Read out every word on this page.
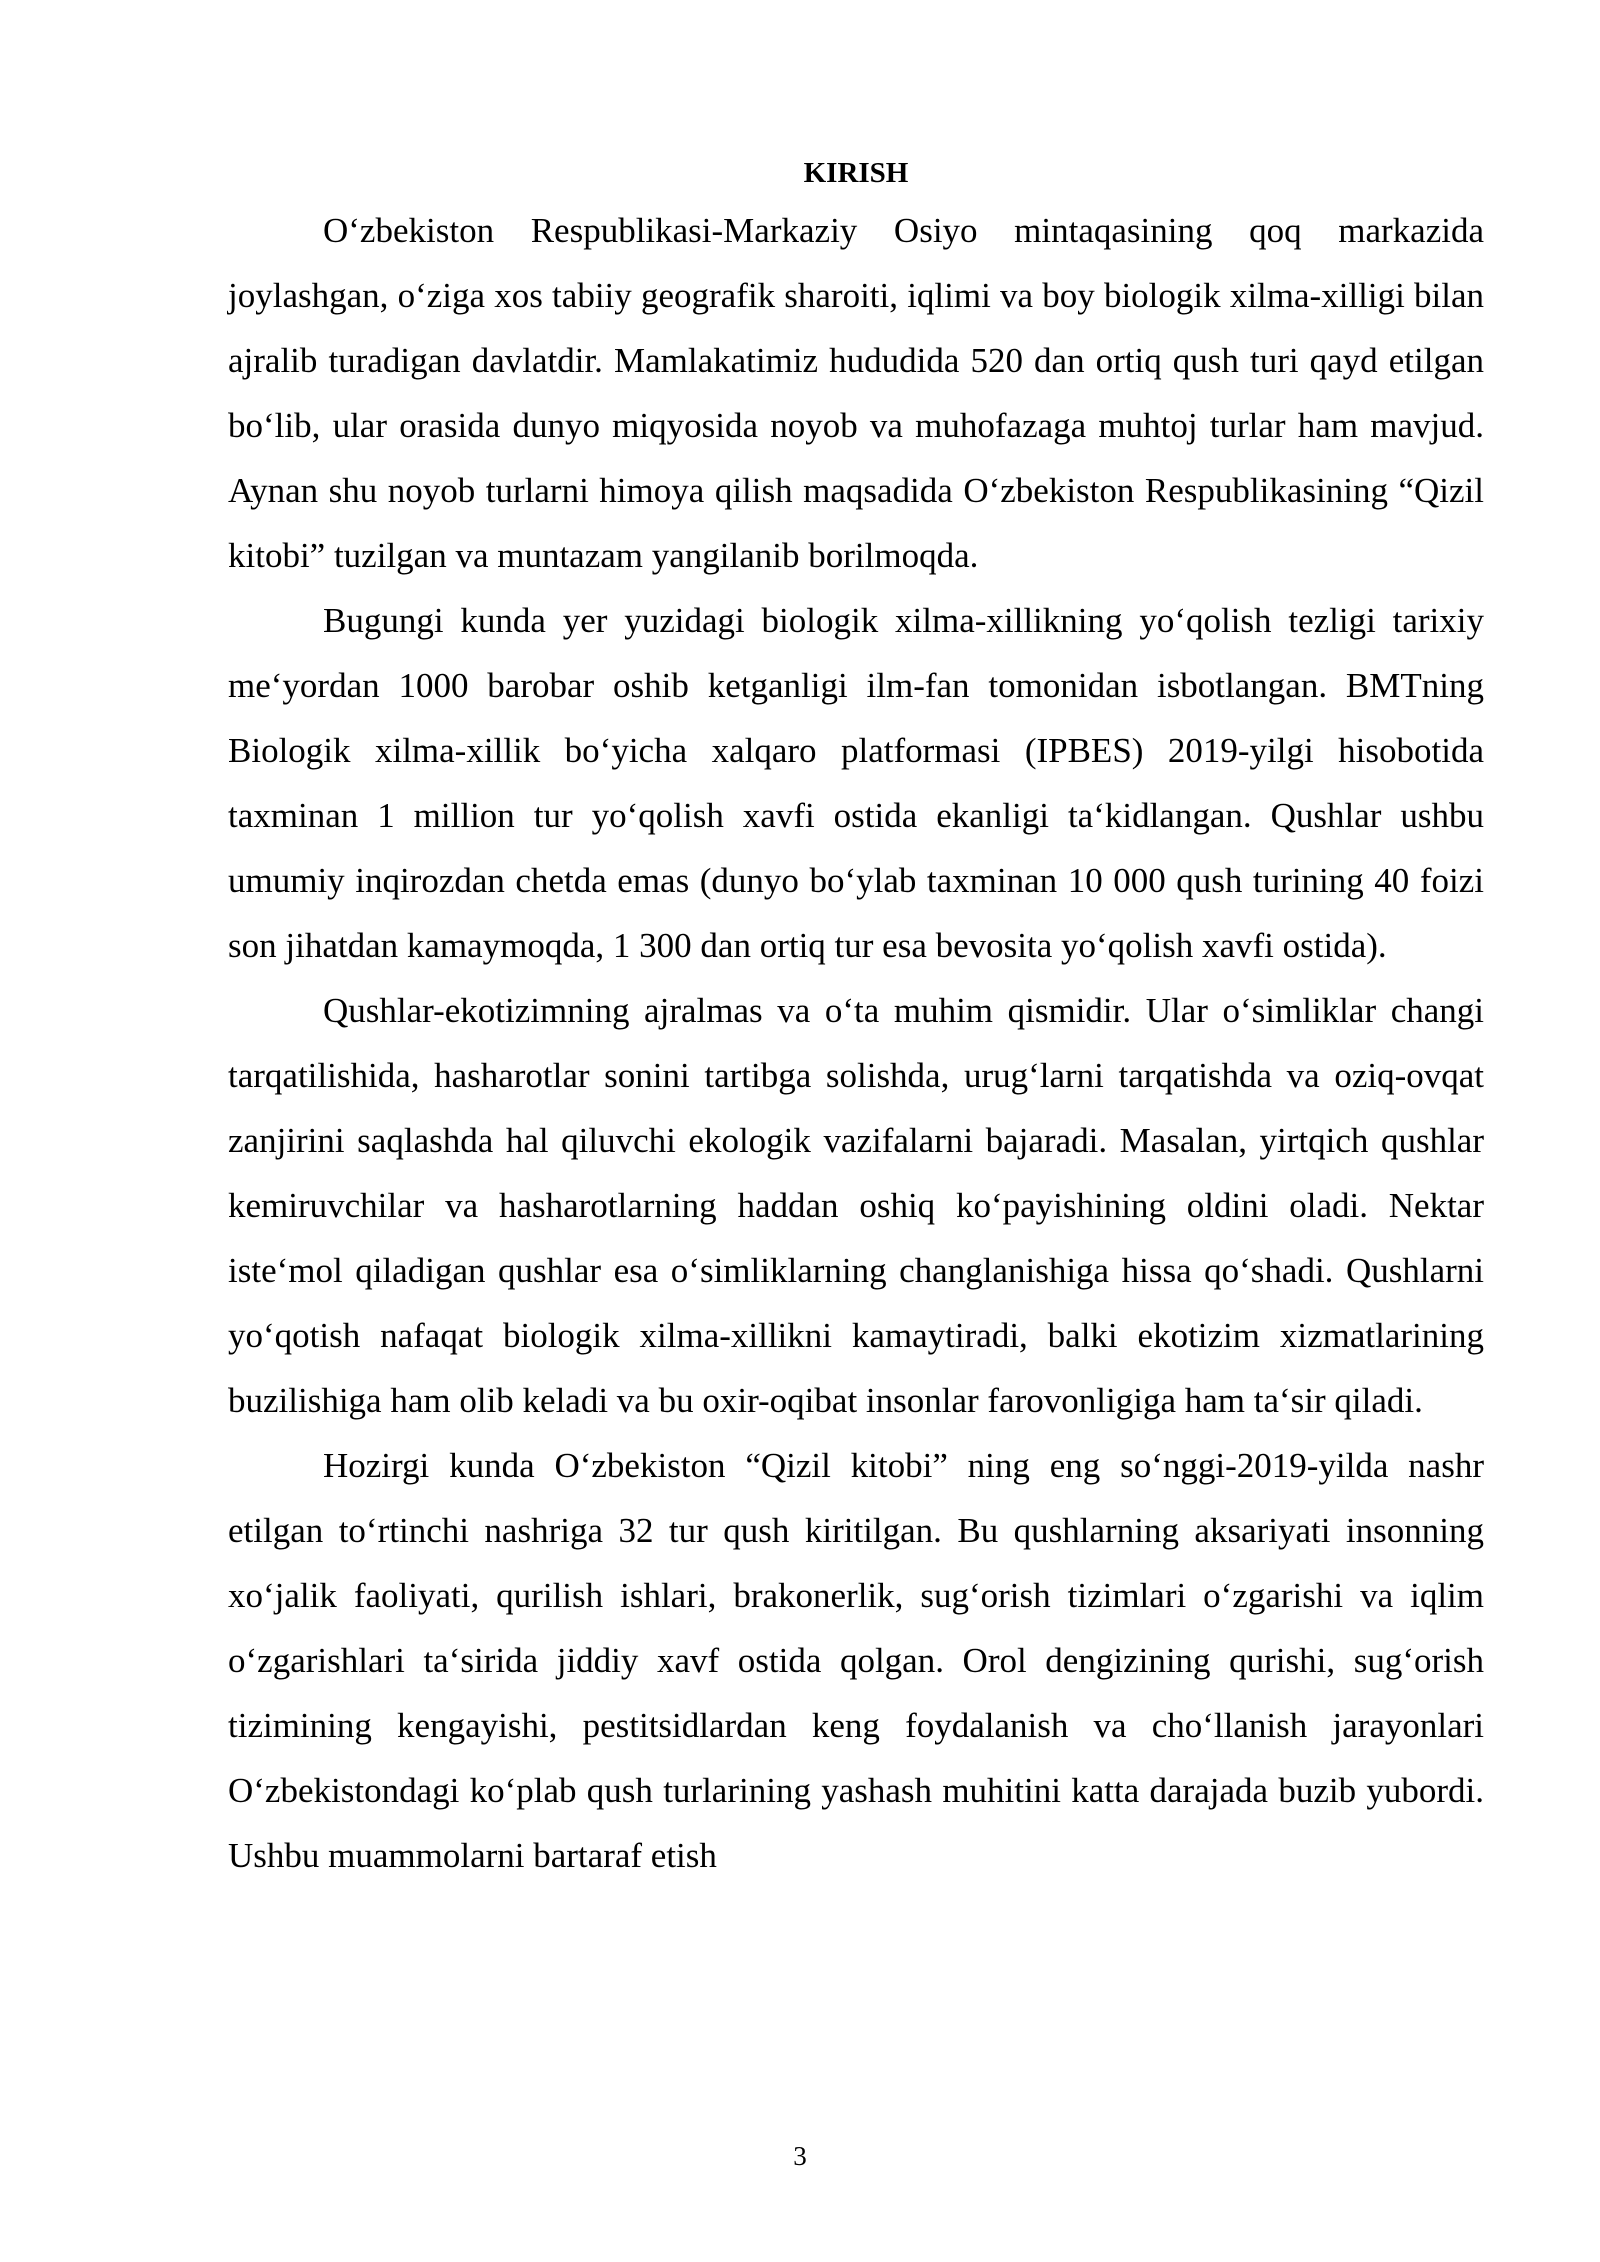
KIRISH

O‘zbekiston Respublikasi-Markaziy Osiyo mintaqasining qoq markazida joylashgan, o‘ziga xos tabiiy geografik sharoiti, iqlimi va boy biologik xilma-xilligi bilan ajralib turadigan davlatdir. Mamlakatimiz hududida 520 dan ortiq qush turi qayd etilgan bo‘lib, ular orasida dunyo miqyosida noyob va muhofazaga muhtoj turlar ham mavjud. Aynan shu noyob turlarni himoya qilish maqsadida O‘zbekiston Respublikasining “Qizil kitobi” tuzilgan va muntazam yangilanib borilmoqda.

Bugungi kunda yer yuzidagi biologik xilma-xillikning yo‘qolish tezligi tarixiy me‘yordan 1000 barobar oshib ketganligi ilm-fan tomonidan isbotlangan. BMTning Biologik xilma-xillik bo‘yicha xalqaro platformasi (IPBES) 2019-yilgi hisobotida taxminan 1 million tur yo‘qolish xavfi ostida ekanligi ta‘kidlangan. Qushlar ushbu umumiy inqirozdan chetda emas (dunyo bo‘ylab taxminan 10 000 qush turining 40 foizi son jihatdan kamaymoqda, 1 300 dan ortiq tur esa bevosita yo‘qolish xavfi ostida).

Qushlar-ekotizimning ajralmas va o‘ta muhim qismidir. Ular o‘simliklar changi tarqatilishida, hasharotlar sonini tartibga solishda, urug‘larni tarqatishda va oziq-ovqat zanjirini saqlashda hal qiluvchi ekologik vazifalarni bajaradi. Masalan, yirtqich qushlar kemiruvchilar va hasharotlarning haddan oshiq ko‘payishining oldini oladi. Nektar iste‘mol qiladigan qushlar esa o‘simliklarning changlanishiga hissa qo‘shadi. Qushlarni yo‘qotish nafaqat biologik xilma-xillikni kamaytiradi, balki ekotizim xizmatlarining buzilishiga ham olib keladi va bu oxir-oqibat insonlar farovonligiga ham ta‘sir qiladi.

Hozirgi kunda O‘zbekiston “Qizil kitobi” ning eng so‘nggi-2019-yilda nashr etilgan to‘rtinchi nashriga 32 tur qush kiritilgan. Bu qushlarning aksariyati insonning xo‘jalik faoliyati, qurilish ishlari, brakonerlik, sug‘orish tizimlari o‘zgarishi va iqlim o‘zgarishlari ta‘sirida jiddiy xavf ostida qolgan. Orol dengizining qurishi, sug‘orish tizimining kengayishi, pestitsidlardan keng foydalanish va cho‘llanish jarayonlari O‘zbekistondagi ko‘plab qush turlarining yashash muhitini katta darajada buzib yubordi. Ushbu muammolarni bartaraf etish

3
